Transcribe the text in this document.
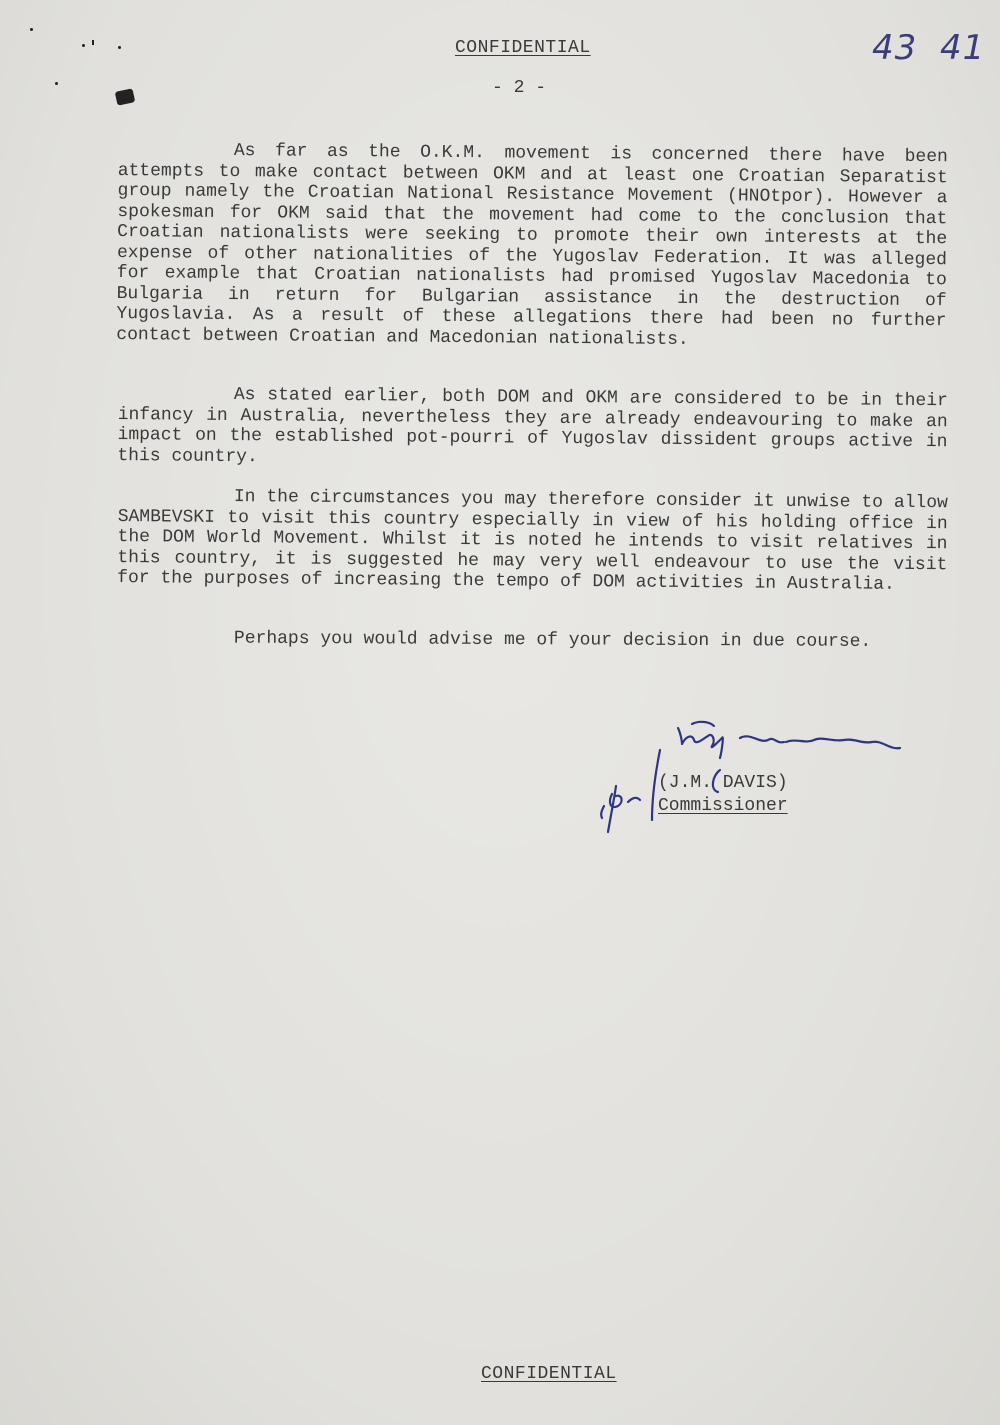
CONFIDENTIAL
- 2 -
43 41

As far as the O.K.M. movement is concerned there have been attempts to make contact between OKM and at least one Croatian Separatist group namely the Croatian National Resistance Movement (HNOtpor). However a spokesman for OKM said that the movement had come to the conclusion that Croatian nationalists were seeking to promote their own interests at the expense of other nationalities of the Yugoslav Federation. It was alleged for example that Croatian nationalists had promised Yugoslav Macedonia to Bulgaria in return for Bulgarian assistance in the destruction of Yugoslavia. As a result of these allegations there had been no further contact between Croatian and Macedonian nationalists.

As stated earlier, both DOM and OKM are considered to be in their infancy in Australia, nevertheless they are already endeavouring to make an impact on the established pot-pourri of Yugoslav dissident groups active in this country.

In the circumstances you may therefore consider it unwise to allow SAMBEVSKI to visit this country especially in view of his holding office in the DOM World Movement. Whilst it is noted he intends to visit relatives in this country, it is suggested he may very well endeavour to use the visit for the purposes of increasing the tempo of DOM activities in Australia.

Perhaps you would advise me of your decision in due course.

(J.M. DAVIS)
Commissioner
CONFIDENTIAL
